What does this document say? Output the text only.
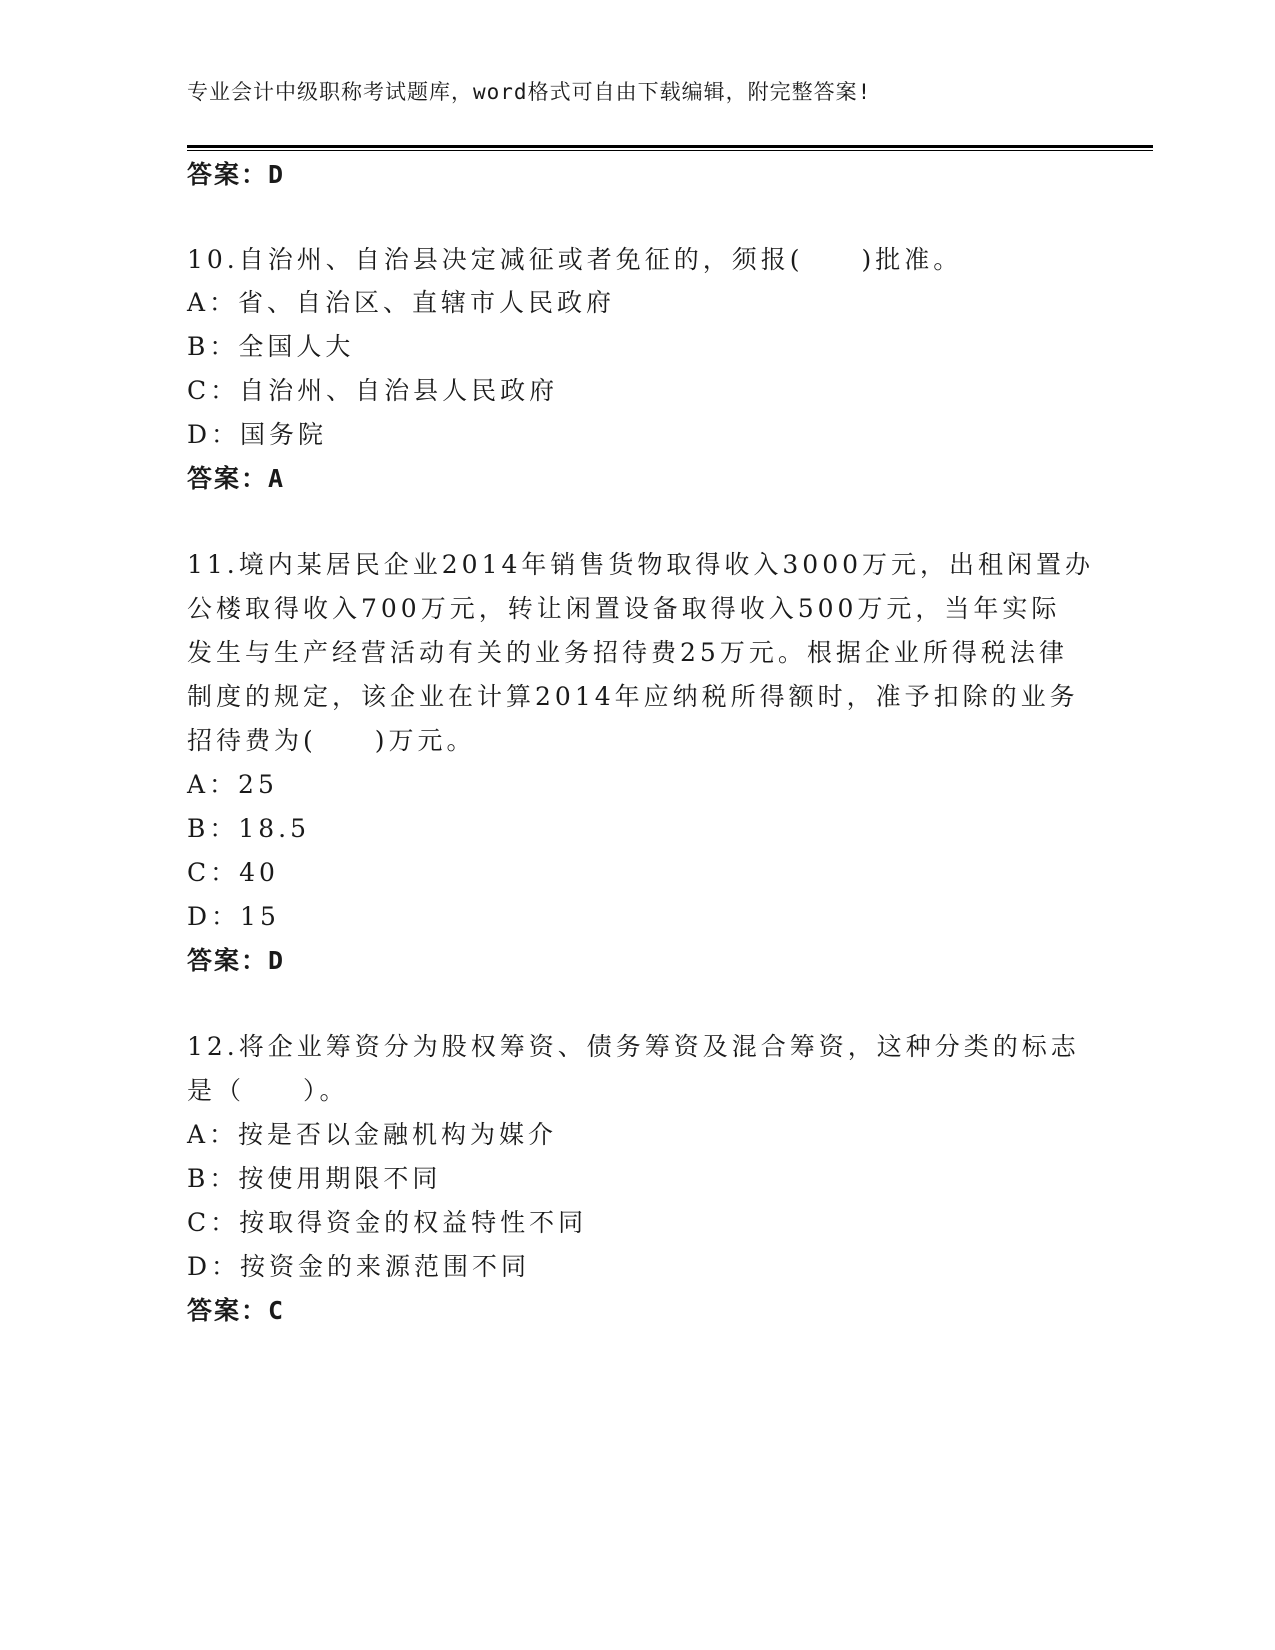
专业会计中级职称考试题库，word格式可自由下载编辑，附完整答案!
答案：D
10.自治州、自治县决定减征或者免征的，须报(　　)批准。
A：省、自治区、直辖市人民政府
B：全国人大
C：自治州、自治县人民政府
D：国务院
答案：A
11.境内某居民企业2014年销售货物取得收入3000万元，出租闲置办
公楼取得收入700万元，转让闲置设备取得收入500万元，当年实际
发生与生产经营活动有关的业务招待费25万元。根据企业所得税法律
制度的规定，该企业在计算2014年应纳税所得额时，准予扣除的业务
招待费为(　　)万元。
A：25
B：18.5
C：40
D：15
答案：D
12.将企业筹资分为股权筹资、债务筹资及混合筹资，这种分类的标志
是（　　）。
A：按是否以金融机构为媒介
B：按使用期限不同
C：按取得资金的权益特性不同
D：按资金的来源范围不同
答案：C
